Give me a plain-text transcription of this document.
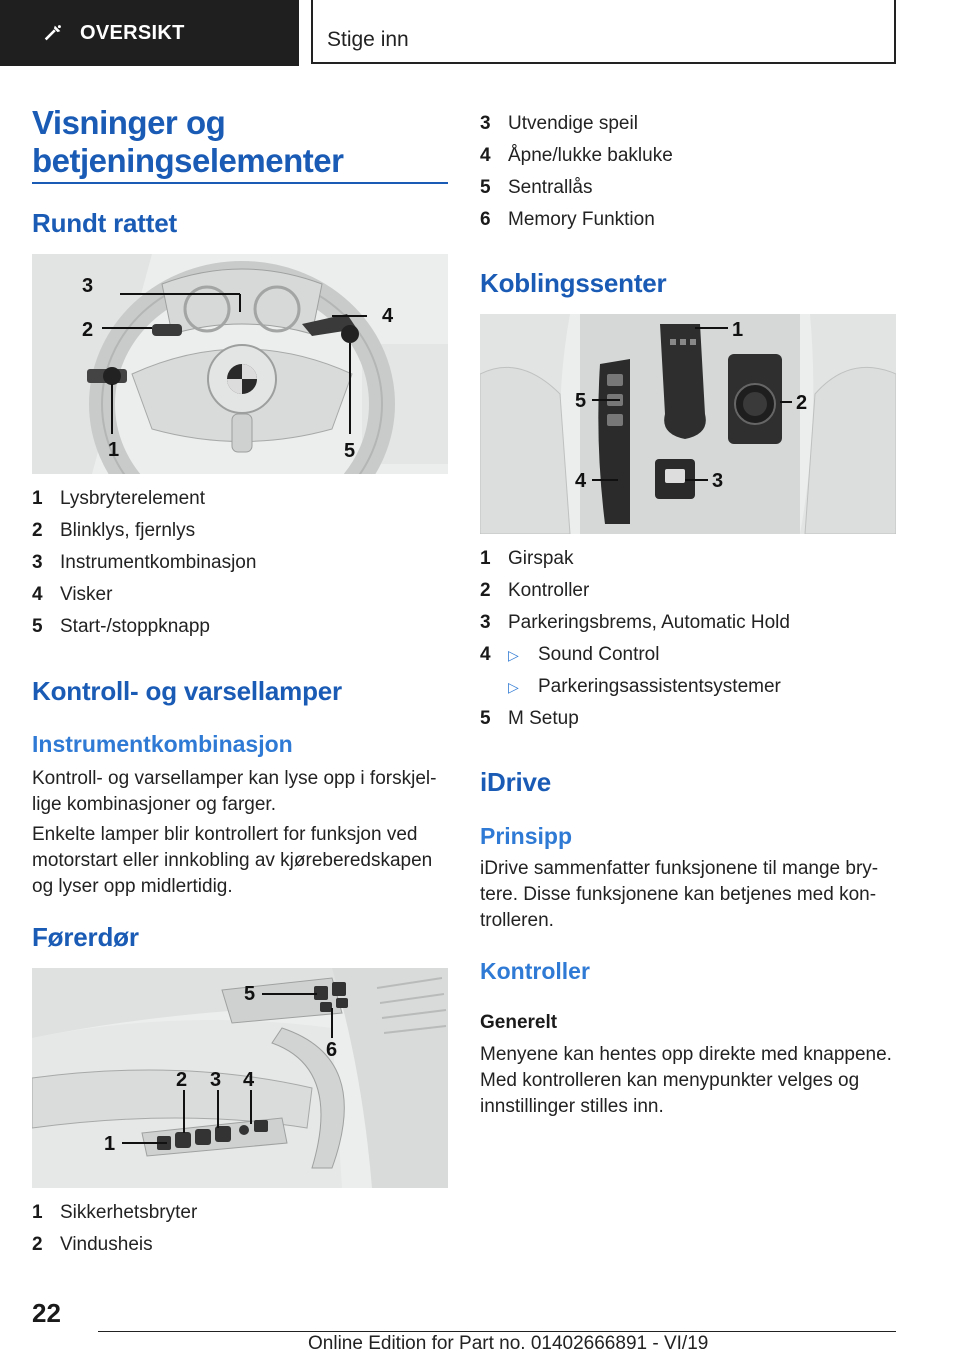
OVERSIKT	Stige inn
Visninger og betjeningselementer
Rundt rattet
3
2
4
1	5
1 Lysbryterelement
2 Blinklys, fjernlys
3 Instrumentkombinasjon
4 Visker
5 Start-/stoppknapp
Kontroll- og varsellamper
Instrumentkombinasjon

Kontroll- og varsellamper kan lyse opp i forskjel-lige kombinasjoner og farger.

Enkelte lamper blir kontrollert for funksjon ved motorstart eller innkobling av kjøreberedskapen og lyser opp midlertidig.

Førerdør
1
2 3 4
5
6
1 Sikkerhetsbryter
2 Vindusheis
3 Utvendige speil
4 Åpne/lukke bakluke
5 Sentrallås
6 Memory Funktion
Koblingssenter
1
2
3
4
5
1 Girspak
2 Kontroller
3 Parkeringsbrems, Automatic Hold
4	▷	Sound Control
▷	Parkeringsassistentsystemer
5 M Setup
iDrive
Prinsipp

iDrive sammenfatter funksjonene til mange bry-tere. Disse funksjonene kan betjenes med kon-trolleren.

Kontroller
Generelt

Menyene kan hentes opp direkte med knappene. Med kontrolleren kan menypunkter velges og innstillinger stilles inn.

22
Online Edition for Part no. 01402666891 - VI/19
